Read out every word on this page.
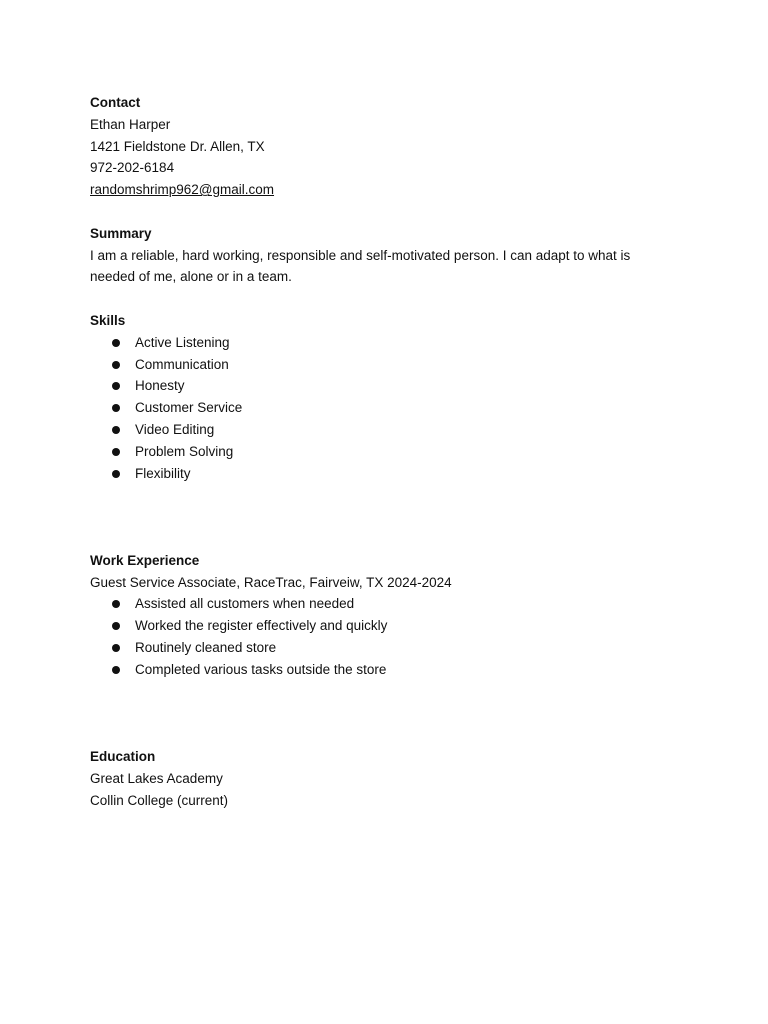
Contact
Ethan Harper
1421 Fieldstone Dr. Allen, TX
972-202-6184
randomshrimp962@gmail.com
Summary
I am a reliable, hard working, responsible and self-motivated person. I can adapt to what is needed of me, alone or in a team.
Skills
Active Listening
Communication
Honesty
Customer Service
Video Editing
Problem Solving
Flexibility
Work Experience
Guest Service Associate, RaceTrac, Fairveiw, TX 2024-2024
Assisted all customers when needed
Worked the register effectively and quickly
Routinely cleaned store
Completed various tasks outside the store
Education
Great Lakes Academy
Collin College (current)
